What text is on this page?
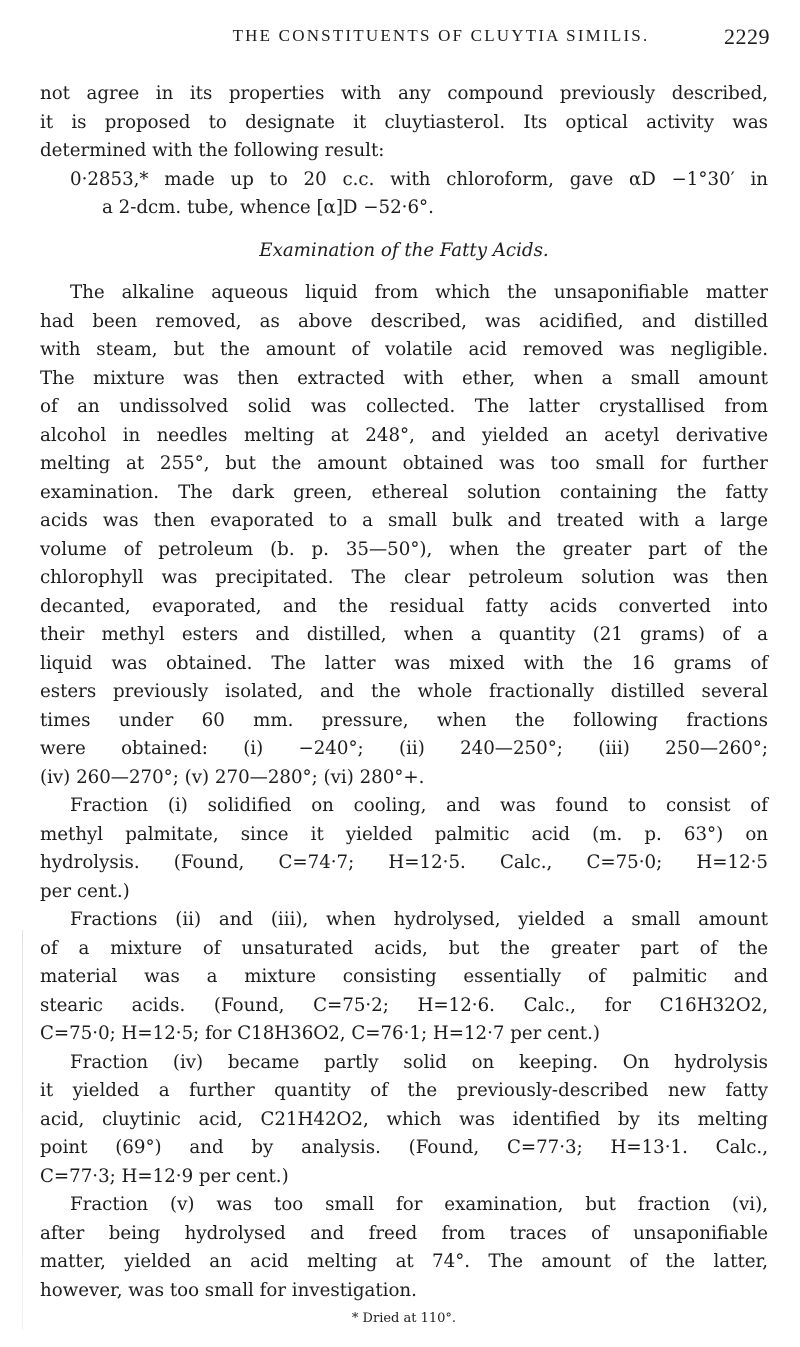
THE CONSTITUENTS OF CLUYTIA SIMILIS.	2229
not agree in its properties with any compound previously described,
it is proposed to designate it cluytiasterol. Its optical activity was
determined with the following result:
0·2853,* made up to 20 c.c. with chloroform, gave αD −1°30′ in
a 2-dcm. tube, whence [α]D −52·6°.
Examination of the Fatty Acids.
The alkaline aqueous liquid from which the unsaponifiable matter
had been removed, as above described, was acidified, and distilled
with steam, but the amount of volatile acid removed was negligible.
The mixture was then extracted with ether, when a small amount
of an undissolved solid was collected. The latter crystallised from
alcohol in needles melting at 248°, and yielded an acetyl derivative
melting at 255°, but the amount obtained was too small for further
examination. The dark green, ethereal solution containing the fatty
acids was then evaporated to a small bulk and treated with a large
volume of petroleum (b. p. 35—50°), when the greater part of the
chlorophyll was precipitated. The clear petroleum solution was then
decanted, evaporated, and the residual fatty acids converted into
their methyl esters and distilled, when a quantity (21 grams) of a
liquid was obtained. The latter was mixed with the 16 grams of
esters previously isolated, and the whole fractionally distilled several
times under 60 mm. pressure, when the following fractions
were obtained: (i) −240°; (ii) 240—250°; (iii) 250—260°;
(iv) 260—270°; (v) 270—280°; (vi) 280°+.
Fraction (i) solidified on cooling, and was found to consist of
methyl palmitate, since it yielded palmitic acid (m. p. 63°) on
hydrolysis. (Found, C=74·7; H=12·5. Calc., C=75·0; H=12·5
per cent.)
Fractions (ii) and (iii), when hydrolysed, yielded a small amount
of a mixture of unsaturated acids, but the greater part of the
material was a mixture consisting essentially of palmitic and
stearic acids. (Found, C=75·2; H=12·6. Calc., for C16H32O2,
C=75·0; H=12·5; for C18H36O2, C=76·1; H=12·7 per cent.)
Fraction (iv) became partly solid on keeping. On hydrolysis
it yielded a further quantity of the previously-described new fatty
acid, cluytinic acid, C21H42O2, which was identified by its melting
point (69°) and by analysis. (Found, C=77·3; H=13·1. Calc.,
C=77·3; H=12·9 per cent.)
Fraction (v) was too small for examination, but fraction (vi),
after being hydrolysed and freed from traces of unsaponifiable
matter, yielded an acid melting at 74°. The amount of the latter,
however, was too small for investigation.
* Dried at 110°.
